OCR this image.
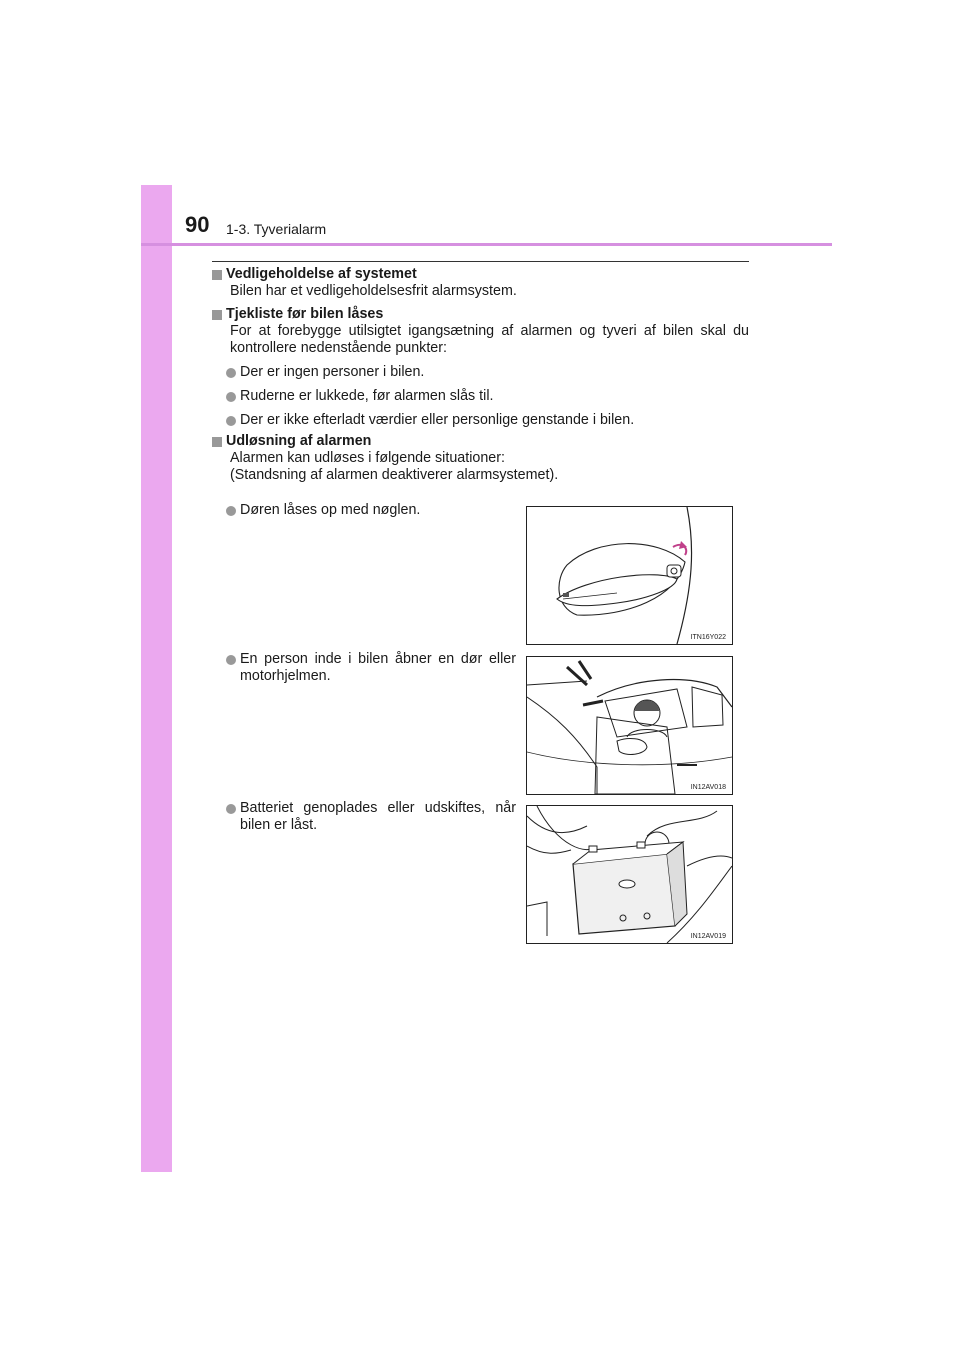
90 1-3. Tyverialarm
Vedligeholdelse af systemet
Bilen har et vedligeholdelsesfrit alarmsystem.
Tjekliste før bilen låses
For at forebygge utilsigtet igangsætning af alarmen og tyveri af bilen skal du
kontrollere nedenstående punkter:
Der er ingen personer i bilen.
Ruderne er lukkede, før alarmen slås til.
Der er ikke efterladt værdier eller personlige genstande i bilen.
Udløsning af alarmen
Alarmen kan udløses i følgende situationer:
(Standsning af alarmen deaktiverer alarmsystemet).
Døren låses op med nøglen.
ITN16Y022
En person inde i bilen åbner en dør eller motorhjelmen.
IN12AV018
Batteriet genoplades eller udskiftes, når bilen er låst.
IN12AV019
